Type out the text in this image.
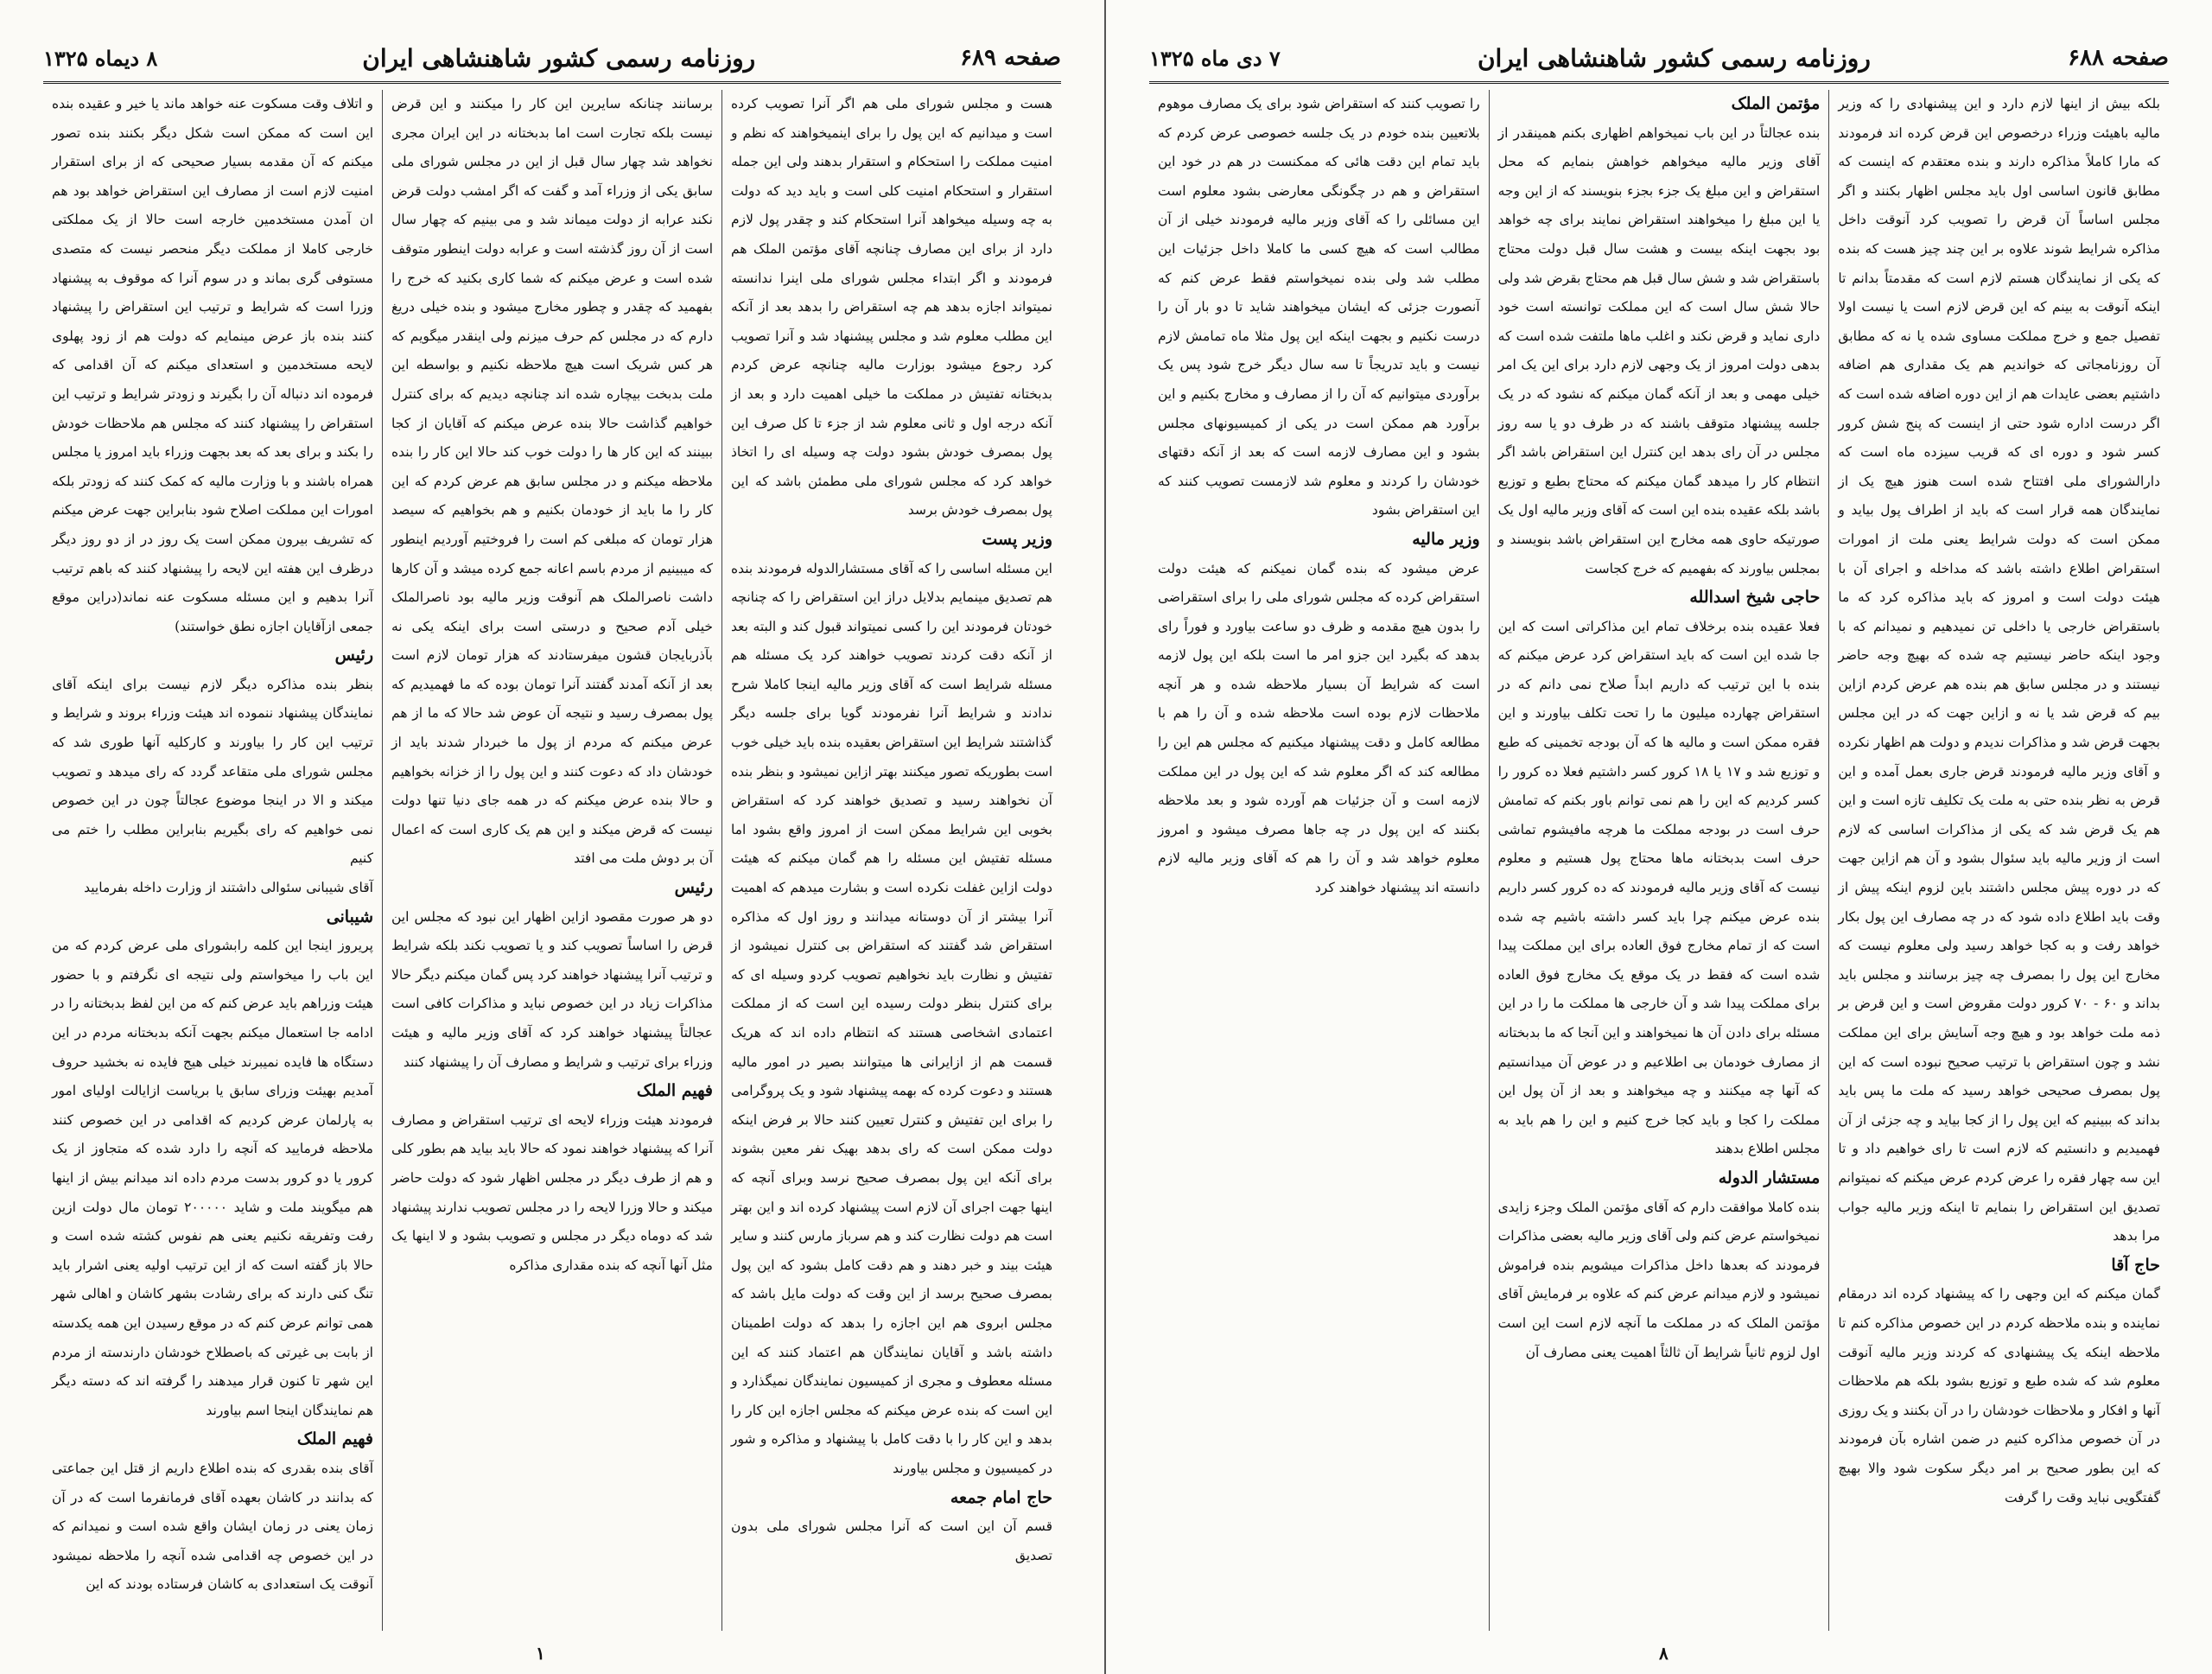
صفحه ۶۸۹
روزنامه رسمی کشور شاهنشاهی ایران
۸ دیماه ۱۳۲۵

هست و مجلس شورای ملی هم اگر آنرا تصویب کرده است و میدانیم که این پول را برای اینمیخواهند که نظم و امنیت مملکت را استحکام و استقرار بدهند ولی این جمله استقرار و استحکام امنیت کلی است و باید دید که دولت به چه وسیله میخواهد آنرا استحکام کند و چقدر پول لازم دارد از برای این مصارف چنانچه آقای مؤتمن الملک هم فرمودند و اگر ابتداء مجلس شورای ملی اینرا ندانسته نمیتواند اجازه بدهد هم چه استقراض را بدهد بعد از آنکه این مطلب معلوم شد و مجلس پیشنهاد شد و آنرا تصویب کرد رجوع میشود بوزارت مالیه چنانچه عرض کردم بدبختانه تفتیش در مملکت ما خیلی اهمیت دارد و بعد از آنکه درجه اول و ثانی معلوم شد از جزء تا کل صرف این پول بمصرف خودش بشود دولت چه وسیله ای را اتخاذ خواهد کرد که مجلس شورای ملی مطمئن باشد که این پول بمصرف خودش برسد

وزیر پست

این مسئله اساسی را که آقای مستشارالدوله فرمودند بنده هم تصدیق مینمایم بدلایل دراز این استقراض را که چنانچه خودتان فرمودند این را کسی نمیتواند قبول کند و البته بعد از آنکه دقت کردند تصویب خواهند کرد یک مسئله هم مسئله شرایط است که آقای وزیر مالیه اینجا کاملا شرح ندادند و شرایط آنرا نفرمودند گویا برای جلسه دیگر گذاشتند شرایط این استقراض بعقیده بنده باید خیلی خوب است بطوریکه تصور میکنند بهتر ازاین نمیشود و بنظر بنده آن نخواهند رسید و تصدیق خواهند کرد که استقراض بخوبی این شرایط ممکن است از امروز واقع بشود اما مسئله تفتیش این مسئله را هم گمان میکنم که هیئت دولت ازاین غفلت نکرده است و بشارت میدهم که اهمیت آنرا بیشتر از آن دوستانه میدانند و روز اول که مذاکره استقراض شد گفتند که استقراض بی کنترل نمیشود از تفتیش و نظارت باید نخواهیم تصویب کردو وسیله ای که برای کنترل بنظر دولت رسیده این است که از مملکت اعتمادی اشخاصی هستند که انتظام داده اند که هریک قسمت هم از ازایرانی ها میتوانند بصیر در امور مالیه هستند و دعوت کرده که بهمه پیشنهاد شود و یک پروگرامی را برای این تفتیش و کنترل تعیین کنند حالا بر فرض اینکه دولت ممکن است که رای بدهد بهیک نفر معین بشوند برای آنکه این پول بمصرف صحیح نرسد وبرای آنچه که اینها جهت اجرای آن لازم است پیشنهاد کرده اند و این بهتر است هم دولت نظارت کند و هم سرباز مارس کنند و سایر هیئت بیند و خبر دهند و هم دقت کامل بشود که این پول بمصرف صحیح برسد از این وقت که دولت مایل باشد که مجلس ابروی هم این اجازه را بدهد که دولت اطمینان داشته باشد و آقایان نمایندگان هم اعتماد کنند که این مسئله معطوف و مجری از کمیسیون نمایندگان نمیگذارد و این است که بنده عرض میکنم که مجلس اجازه این کار را بدهد و این کار را با دقت کامل با پیشنهاد و مذاکره و شور در کمیسیون و مجلس بیاورند

حاج امام جمعه

قسم آن این است که آنرا مجلس شورای ملی بدون تصدیق

برسانند چنانکه سایرین این کار را میکنند و این قرض نیست بلکه تجارت است اما بدبختانه در این ایران مجری نخواهد شد چهار سال قبل از این در مجلس شورای ملی سابق یکی از وزراء آمد و گفت که اگر امشب دولت قرض نکند عرابه از دولت میماند شد و می بینیم که چهار سال است از آن روز گذشته است و عرابه دولت اینطور متوقف شده است و عرض میکنم که شما کاری بکنید که خرج را بفهمید که چقدر و چطور مخارج میشود و بنده خیلی دریغ دارم که در مجلس کم حرف میزنم ولی اینقدر میگویم که هر کس شریک است هیچ ملاحظه نکنیم و بواسطه این ملت بدبخت بیچاره شده اند چنانچه دیدیم که برای کنترل خواهیم گذاشت حالا بنده عرض میکنم که آقایان از کجا ببینند که این کار ها را دولت خوب کند حالا این کار را بنده ملاحظه میکنم و در مجلس سابق هم عرض کردم که این کار را ما باید از خودمان بکنیم و هم بخواهیم که سیصد هزار تومان که مبلغی کم است را فروختیم آوردیم اینطور که میبینیم از مردم باسم اعانه جمع کرده میشد و آن کارها داشت ناصرالملک هم آنوقت وزیر مالیه بود ناصرالملک خیلی آدم صحیح و درستی است برای اینکه یکی نه بآذربایجان قشون میفرستادند که هزار تومان لازم است بعد از آنکه آمدند گفتند آنرا تومان بوده که ما فهمیدیم که پول بمصرف رسید و نتیجه آن عوض شد حالا که ما از هم عرض میکنم که مردم از پول ما خبردار شدند باید از خودشان داد که دعوت کنند و این پول را از خزانه بخواهیم و حالا بنده عرض میکنم که در همه جای دنیا تنها دولت نیست که قرض میکند و این هم یک کاری است که اعمال آن بر دوش ملت می افتد

رئیس

دو هر صورت مقصود ازاین اظهار این نبود که مجلس این قرض را اساساً تصویب کند و یا تصویب نکند بلکه شرایط و ترتیب آنرا پیشنهاد خواهند کرد پس گمان میکنم دیگر حالا مذاکرات زیاد در این خصوص نباید و مذاکرات کافی است عجالتاً پیشنهاد خواهند کرد که آقای وزیر مالیه و هیئت وزراء برای ترتیب و شرایط و مصارف آن را پیشنهاد کنند

فهیم الملک

فرمودند هیئت وزراء لایحه ای ترتیب استقراض و مصارف آنرا که پیشنهاد خواهند نمود که حالا باید بیاید هم بطور کلی و هم از طرف دیگر در مجلس اظهار شود که دولت حاضر میکند و حالا وزرا لایحه را در مجلس تصویب ندارند پیشنهاد شد که دوماه دیگر در مجلس و تصویب بشود و لا اینها یک مثل آنها آنچه که بنده مقداری مذاکره

و اتلاف وقت مسکوت عنه خواهد ماند یا خیر و عقیده بنده این است که ممکن است شکل دیگر بکنند بنده تصور میکنم که آن مقدمه بسیار صحیحی که از برای استقرار امنیت لازم است از مصارف این استقراض خواهد بود هم ان آمدن مستخدمین خارجه است حالا از یک مملکتی خارجی کاملا از مملکت دیگر منحصر نیست که متصدی مستوفی گری بماند و در سوم آنرا که موقوف به پیشنهاد وزرا است که شرایط و ترتیب این استقراض را پیشنهاد کنند بنده باز عرض مینمایم که دولت هم از زود پهلوی لایحه مستخدمین و استعدای میکنم که آن اقدامی که فرموده اند دنباله آن را بگیرند و زودتر شرایط و ترتیب این استقراض را پیشنهاد کنند که مجلس هم ملاحظات خودش را بکند و برای بعد که بعد بجهت وزراء باید امروز یا مجلس همراه باشند و با وزارت مالیه که کمک کنند که زودتر بلکه امورات این مملکت اصلاح شود بنابراین جهت عرض میکنم که تشریف بیرون ممکن است یک روز در از دو روز دیگر درظرف این هفته این لایحه را پیشنهاد کنند که باهم ترتیب آنرا بدهیم و این مسئله مسکوت عنه نماند(دراین موقع جمعی ازآقایان اجازه نطق خواستند)

رئیس

بنظر بنده مذاکره دیگر لازم نیست برای اینکه آقای نمایندگان پیشنهاد ننموده اند هیئت وزراء بروند و شرایط و ترتیب این کار را بیاورند و کارکلیه آنها طوری شد که مجلس شورای ملی متقاعد گردد که رای میدهد و تصویب میکند و الا در اینجا موضوع عجالتاً چون در این خصوص نمی خواهیم که رای بگیریم بنابراین مطلب را ختم می کنیم

آقای شیبانی سئوالی داشتند از وزارت داخله بفرمایید

شیبانی

پریروز اینجا این کلمه رابشورای ملی عرض کردم که من این باب را میخواستم ولی نتیجه ای نگرفتم و با حضور هیئت وزراهم باید عرض کنم که من این لفظ بدبختانه را در ادامه جا استعمال میکنم بجهت آنکه بدبختانه مردم در این دستگاه ها فایده نمیبرند خیلی هیج فایده نه بخشید حروف آمدیم بهیئت وزرای سابق یا بریاست ازایالت اولیای امور به پارلمان عرض کردیم که اقدامی در این خصوص کنند ملاحظه فرمایید که آنچه را دارد شده که متجاوز از یک کرور یا دو کرور بدست مردم داده اند میدانم بیش از اینها هم میگویند ملت و شاید ۲۰۰۰۰۰ تومان مال دولت ازین رفت وتفریقه نکنیم یعنی هم نفوس کشته شده است و حالا باز گفته است که از این ترتیب اولیه یعنی اشرار باید تنگ کنی دارند که برای رشادت بشهر کاشان و اهالی شهر همی توانم عرض کنم که در موقع رسیدن این همه یکدسته از بابت بی غیرتی که باصطلاح خودشان دارندسته از مردم این شهر تا کنون قرار میدهند را گرفته اند که دسته دیگر هم نمایندگان اینجا اسم بیاورند

فهیم الملک

آقای بنده بقدری که بنده اطلاع داریم از قتل این جماعتی که بدانند در کاشان بعهده آقای فرمانفرما است که در آن زمان یعنی در زمان ایشان واقع شده است و نمیدانم که در این خصوص چه اقدامی شده آنچه را ملاحظه نمیشود آنوقت یک استعدادی به کاشان فرستاده بودند که این

۱
صفحه ۶۸۸
روزنامه رسمی کشور شاهنشاهی ایران
۷ دی ماه ۱۳۲۵

بلکه بیش از اینها لازم دارد و این پیشنهادی را که وزیر مالیه باهیئت وزراء درخصوص این قرض کرده اند فرمودند که مارا کاملاً مذاکره دارند و بنده معتقدم که اینست که مطابق قانون اساسی اول باید مجلس اظهار بکنند و اگر مجلس اساساً آن قرض را تصویب کرد آنوقت داخل مذاکره شرایط شوند علاوه بر این چند چیز هست که بنده که یکی از نمایندگان هستم لازم است که مقدمتاً بدانم تا اینکه آنوقت به بینم که این قرض لازم است یا نیست اولا تفصیل جمع و خرج مملکت مساوی شده یا نه که مطابق آن روزنامجاتی که خواندیم هم یک مقداری هم اضافه داشتیم بعضی عایدات هم از این دوره اضافه شده است که اگر درست اداره شود حتی از اینست که پنج شش کرور کسر شود و دوره ای که قریب سیزده ماه است که دارالشورای ملی افتتاح شده است هنوز هیچ یک از نمایندگان همه قرار است که باید از اطراف پول بیاید و ممکن است که دولت شرایط یعنی ملت از امورات استقراض اطلاع داشته باشد که مداخله و اجرای آن با هیئت دولت است و امروز که باید مذاکره کرد که ما باستقراض خارجی یا داخلی تن نمیدهیم و نمیدانم که با وجود اینکه حاضر نیستیم چه شده که بهیچ وجه حاضر نیستند و در مجلس سابق هم بنده هم عرض کردم ازاین بیم که قرض شد یا نه و ازاین جهت که در این مجلس بجهت قرض شد و مذاکرات ندیدم و دولت هم اظهار نکرده و آقای وزیر مالیه فرمودند قرض جاری بعمل آمده و این قرض به نظر بنده حتی به ملت یک تکلیف تازه است و این هم یک قرض شد که یکی از مذاکرات اساسی که لازم است از وزیر مالیه باید سئوال بشود و آن هم ازاین جهت که در دوره پیش مجلس داشتند باین لزوم اینکه پیش از وقت باید اطلاع داده شود که در چه مصارف این پول بکار خواهد رفت و به کجا خواهد رسید ولی معلوم نیست که مخارج این پول را بمصرف چه چیز برسانند و مجلس باید بداند و ۶۰ - ۷۰ کرور دولت مقروض است و این قرض بر ذمه ملت خواهد بود و هیچ وجه آسایش برای این مملکت نشد و چون استقراض با ترتیب صحیح نبوده است که این پول بمصرف صحیحی خواهد رسید که ملت ما پس باید بداند که ببینیم که این پول را از کجا بیاید و چه جزئی از آن فهمیدیم و دانستیم که لازم است تا رای خواهیم داد و تا این سه چهار فقره را عرض کردم عرض میکنم که نمیتوانم تصدیق این استقراض را بنمایم تا اینکه وزیر مالیه جواب مرا بدهد

حاج آقا

گمان میکنم که این وجهی را که پیشنهاد کرده اند درمقام نماینده و بنده ملاحظه کردم در این خصوص مذاکره کنم تا ملاحظه اینکه یک پیشنهادی که کردند وزیر مالیه آنوقت معلوم شد که شده طبع و توزیع بشود بلکه هم ملاحظات آنها و افکار و ملاحظات خودشان را در آن بکنند و یک روزی در آن خصوص مذاکره کنیم در ضمن اشاره بآن فرمودند که این بطور صحیح بر امر دیگر سکوت شود والا بهیچ گفتگویی نباید وقت را گرفت

مؤتمن الملک

بنده عجالتاً در این باب نمیخواهم اظهاری بکنم همینقدر از آقای وزیر مالیه میخواهم خواهش بنمایم که محل استقراض و این مبلغ یک جزء بجزء بنویسند که از این وجه یا این مبلغ را میخواهند استقراض نمایند برای چه خواهد بود بجهت اینکه بیست و هشت سال قبل دولت محتاج باستقراض شد و شش سال قبل هم محتاج بقرض شد ولی حالا شش سال است که این مملکت توانسته است خود داری نماید و قرض نکند و اغلب ماها ملتفت شده است که بدهی دولت امروز از یک وجهی لازم دارد برای این یک امر خیلی مهمی و بعد از آنکه گمان میکنم که نشود که در یک جلسه پیشنهاد متوقف باشند که در ظرف دو یا سه روز مجلس در آن رای بدهد این کنترل این استقراض باشد اگر انتظام کار را میدهد گمان میکنم که محتاج بطبع و توزیع باشد بلکه عقیده بنده این است که آقای وزیر مالیه اول یک صورتیکه حاوی همه مخارج این استقراض باشد بنویسند و بمجلس بیاورند که بفهمیم که خرج کجاست

حاجی شیخ اسدالله

فعلا عقیده بنده برخلاف تمام این مذاکراتی است که این جا شده این است که باید استقراض کرد عرض میکنم که بنده با این ترتیب که داریم ابداً صلاح نمی دانم که در استقراض چهارده میلیون ما را تحت تکلف بیاورند و این فقره ممکن است و مالیه ها که آن بودجه تخمینی که طبع و توزیع شد و ۱۷ یا ۱۸ کرور کسر داشتیم فعلا ده کرور را کسر کردیم که این را هم نمی توانم باور بکنم که تمامش حرف است در بودجه مملکت ما هرچه مافیشوم تماشی حرف است بدبختانه ماها محتاج پول هستیم و معلوم نیست که آقای وزیر مالیه فرمودند که ده کرور کسر داریم بنده عرض میکنم چرا باید کسر داشته باشیم چه شده است که از تمام مخارج فوق العاده برای این مملکت پیدا شده است که فقط در یک موقع یک مخارج فوق العاده برای مملکت پیدا شد و آن خارجی ها مملکت ما را در این مسئله برای دادن آن ها نمیخواهند و این آنجا که ما بدبختانه از مصارف خودمان بی اطلاعیم و در عوض آن میدانستیم که آنها چه میکنند و چه میخواهند و بعد از آن پول این مملکت را کجا و باید کجا خرج کنیم و این را هم باید به مجلس اطلاع بدهند

مستشار الدوله

بنده کاملا موافقت دارم که آقای مؤتمن الملک وجزء زایدی نمیخواستم عرض کنم ولی آقای وزیر مالیه بعضی مذاکرات فرمودند که بعدها داخل مذاکرات میشویم بنده فراموش نمیشود و لازم میدانم عرض کنم که علاوه بر فرمایش آقای مؤتمن الملک که در مملکت ما آنچه لازم است این است اول لزوم ثانیاً شرایط آن ثالثاً اهمیت یعنی مصارف آن

را تصویب کنند که استقراض شود برای یک مصارف موهوم بلاتعیین بنده خودم در یک جلسه خصوصی عرض کردم که باید تمام این دقت هائی که ممکنست در هم در خود این استقراض و هم در چگونگی معارضی بشود معلوم است این مسائلی را که آقای وزیر مالیه فرمودند خیلی از آن مطالب است که هیچ کسی ما کاملا داخل جزئیات این مطلب شد ولی بنده نمیخواستم فقط عرض کنم که آنصورت جزئی که ایشان میخواهند شاید تا دو بار آن را درست نکنیم و بجهت اینکه این پول مثلا ماه تمامش لازم نیست و باید تدریجاً تا سه سال دیگر خرج شود پس یک برآوردی میتوانیم که آن را از مصارف و مخارج بکنیم و این برآورد هم ممکن است در یکی از کمیسیونهای مجلس بشود و این مصارف لازمه است که بعد از آنکه دقتهای خودشان را کردند و معلوم شد لازمست تصویب کنند که این استقراض بشود

وزیر مالیه

عرض میشود که بنده گمان نمیکنم که هیئت دولت استقراض کرده که مجلس شورای ملی را برای استقراضی را بدون هیچ مقدمه و ظرف دو ساعت بیاورد و فوراً رای بدهد که بگیرد این جزو امر ما است بلکه این پول لازمه است که شرایط آن بسیار ملاحظه شده و هر آنچه ملاحظات لازم بوده است ملاحظه شده و آن را هم با مطالعه کامل و دقت پیشنهاد میکنیم که مجلس هم این را مطالعه کند که اگر معلوم شد که این پول در این مملکت لازمه است و آن جزئیات هم آورده شود و بعد ملاحظه بکنند که این پول در چه جاها مصرف میشود و امروز معلوم خواهد شد و آن را هم که آقای وزیر مالیه لازم دانسته اند پیشنهاد خواهند کرد

۸
